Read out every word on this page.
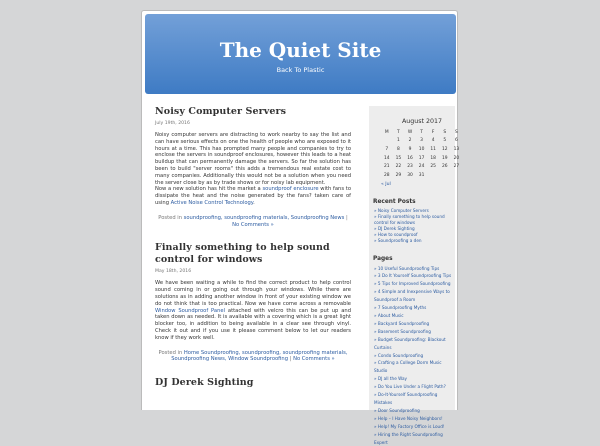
The Quiet Site
Back To Plastic
Noisy Computer Servers
July 19th, 2016
Noisy computer servers are distracting to work nearby to say the list and can have serious effects on one the health of people who are exposed to it hours at a time. This has prompted many people and companies to try to enclose the servers in soundproof enclosures, however this leads to a heat buildup that can permanently damage the servers. So far the solution has been to build "server rooms" this adds a tremendous real estate cost to many companies. Additionally this would not be a solution when you need the server close by as by trade shows or for noisy lab equipment.
Now a new solution has hit the market a soundproof enclosure with fans to dissipate the heat and the noise generated by the fans? taken care of using Active Noise Control Technology.
Posted in soundproofing, soundproofing materials, Soundproofing News | No Comments »
Finally something to help sound control for windows
May 18th, 2016
We have been waiting a while to find the correct product to help control sound coming in or going out through your windows. While there are solutions as in adding another window in front of your existing window we do not think that is too practical. Now we have come across a removable Window Soundproof Panel attached with velcro this can be put up and taken down as needed. It is available with a covering which is a great light blocker too, in addition to being available in a clear see through vinyl. Check it out and if you use it please comment below to let our readers know if they work well.
Posted in Home Soundproofing, soundproofing, soundproofing materials, Soundproofing News, Window Soundproofing | No Comments »
DJ Derek Sighting
August 2017
M	T	W	T	F	S	S
	1	2	3	4	5	6
7	8	9	10	11	12	13
14	15	16	17	18	19	20
21	22	23	24	25	26	27
28	29	30	31			
« Jul
Recent Posts
» Noisy Computer Servers
» Finally something to help sound control for windows
» DJ Derek Sighting
» How to soundproof
» Soundproofing a den
Pages
» 10 Useful Soundproofing Tips
» 3 Do It Yourself Soundproofing Tips
» 5 Tips for Improved Soundproofing
» 4 Simple and Inexpensive Ways to Soundproof a Room
» 7 Soundproofing Myths
» About Music
» Backyard Soundproofing
» Basement Soundproofing
» Budget Soundproofing: Blackout Curtains
» Condo Soundproofing
» Crafting a College Dorm Music Studio
» DJ all the Way
» Do You Live Under a Flight Path?
» Do-It-Yourself Soundproofing Mistakes
» Door Soundproofing
» Help – I Have Noisy Neighbors!
» Help! My Factory Office is Loud!
» Hiring the Right Soundproofing Expert
